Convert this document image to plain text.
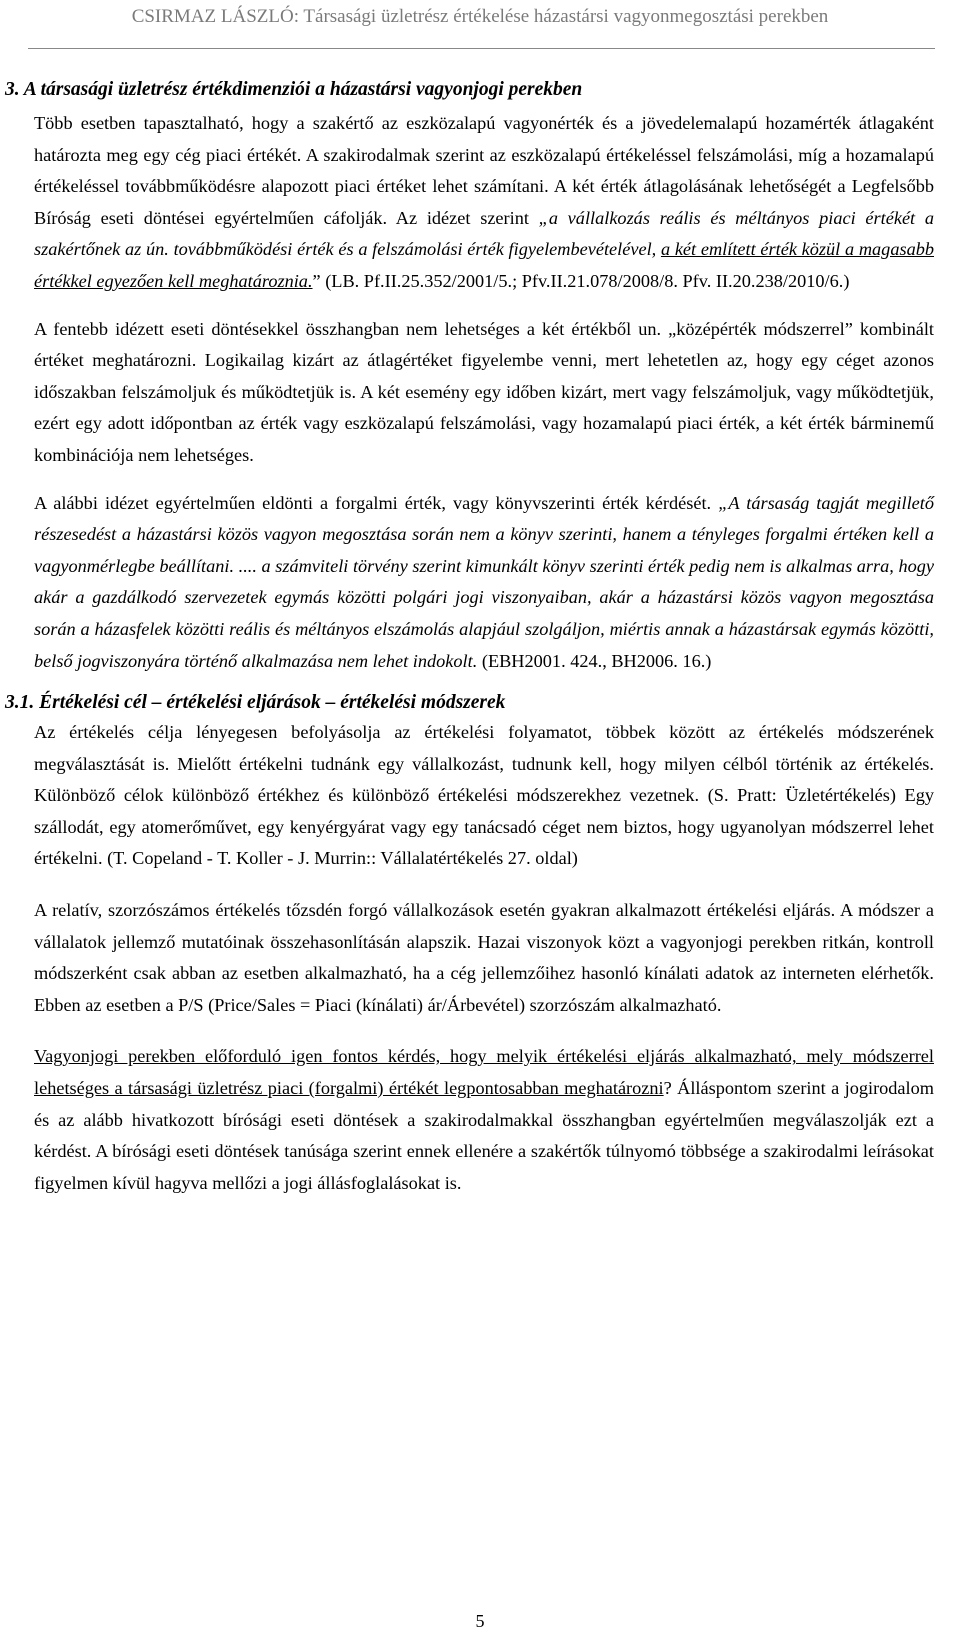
CSIRMAZ LÁSZLÓ: Társasági üzletrész értékelése házastársi vagyonmegosztási perekben
3. A társasági üzletrész értékdimenziói a házastársi vagyonjogi perekben

Több esetben tapasztalható, hogy a szakértő az eszközalapú vagyonérték és a jövedelemalapú hozamérték átlagaként határozta meg egy cég piaci értékét. A szakirodalmak szerint az eszközalapú értékeléssel felszámolási, míg a hozamalapú értékeléssel továbbműködésre alapozott piaci értéket lehet számítani. A két érték átlagolásának lehetőségét a Legfelsőbb Bíróság eseti döntései egyértelműen cáfolják. Az idézet szerint „a vállalkozás reális és méltányos piaci értékét a szakértőnek az ún. továbbműködési érték és a felszámolási érték figyelembevételével, a két említett érték közül a magasabb értékkel egyezően kell meghatároznia.” (LB. Pf.II.25.352/2001/5.; Pfv.II.21.078/2008/8. Pfv. II.20.238/2010/6.)

A fentebb idézett eseti döntésekkel összhangban nem lehetséges a két értékből un. „középérték módszerrel” kombinált értéket meghatározni. Logikailag kizárt az átlagértéket figyelembe venni, mert lehetetlen az, hogy egy céget azonos időszakban felszámoljuk és működtetjük is. A két esemény egy időben kizárt, mert vagy felszámoljuk, vagy működtetjük, ezért egy adott időpontban az érték vagy eszközalapú felszámolási, vagy hozamalapú piaci érték, a két érték bárminemű kombinációja nem lehetséges.

A alábbi idézet egyértelműen eldönti a forgalmi érték, vagy könyvszerinti érték kérdését. „A társaság tagját megillető részesedést a házastársi közös vagyon megosztása során nem a könyv szerinti, hanem a tényleges forgalmi értéken kell a vagyonmérlegbe beállítani. .... a számviteli törvény szerint kimunkált könyv szerinti érték pedig nem is alkalmas arra, hogy akár a gazdálkodó szervezetek egymás közötti polgári jogi viszonyaiban, akár a házastársi közös vagyon megosztása során a házasfelek közötti reális és méltányos elszámolás alapjául szolgáljon, miértis annak a házastársak egymás közötti, belső jogviszonyára történő alkalmazása nem lehet indokolt. (EBH2001. 424., BH2006. 16.)

3.1. Értékelési cél – értékelési eljárások – értékelési módszerek

Az értékelés célja lényegesen befolyásolja az értékelési folyamatot, többek között az értékelés módszerének megválasztását is. Mielőtt értékelni tudnánk egy vállalkozást, tudnunk kell, hogy milyen célból történik az értékelés. Különböző célok különböző értékhez és különböző értékelési módszerekhez vezetnek. (S. Pratt: Üzletértékelés) Egy szállodát, egy atomerőművet, egy kenyérgyárat vagy egy tanácsadó céget nem biztos, hogy ugyanolyan módszerrel lehet értékelni. (T. Copeland - T. Koller - J. Murrin:: Vállalatértékelés 27. oldal)

A relatív, szorzószámos értékelés tőzsdén forgó vállalkozások esetén gyakran alkalmazott értékelési eljárás. A módszer a vállalatok jellemző mutatóinak összehasonlításán alapszik. Hazai viszonyok közt a vagyonjogi perekben ritkán, kontroll módszerként csak abban az esetben alkalmazható, ha a cég jellemzőihez hasonló kínálati adatok az interneten elérhetők. Ebben az esetben a P/S (Price/Sales = Piaci (kínálati) ár/Árbevétel) szorzószám alkalmazható.

Vagyonjogi perekben előforduló igen fontos kérdés, hogy melyik értékelési eljárás alkalmazható, mely módszerrel lehetséges a társasági üzletrész piaci (forgalmi) értékét legpontosabban meghatározni? Álláspontom szerint a jogirodalom és az alább hivatkozott bírósági eseti döntések a szakirodalmakkal összhangban egyértelműen megválaszolják ezt a kérdést. A bírósági eseti döntések tanúsága szerint ennek ellenére a szakértők túlnyomó többsége a szakirodalmi leírásokat figyelmen kívül hagyva mellőzi a jogi állásfoglalásokat is.

5
